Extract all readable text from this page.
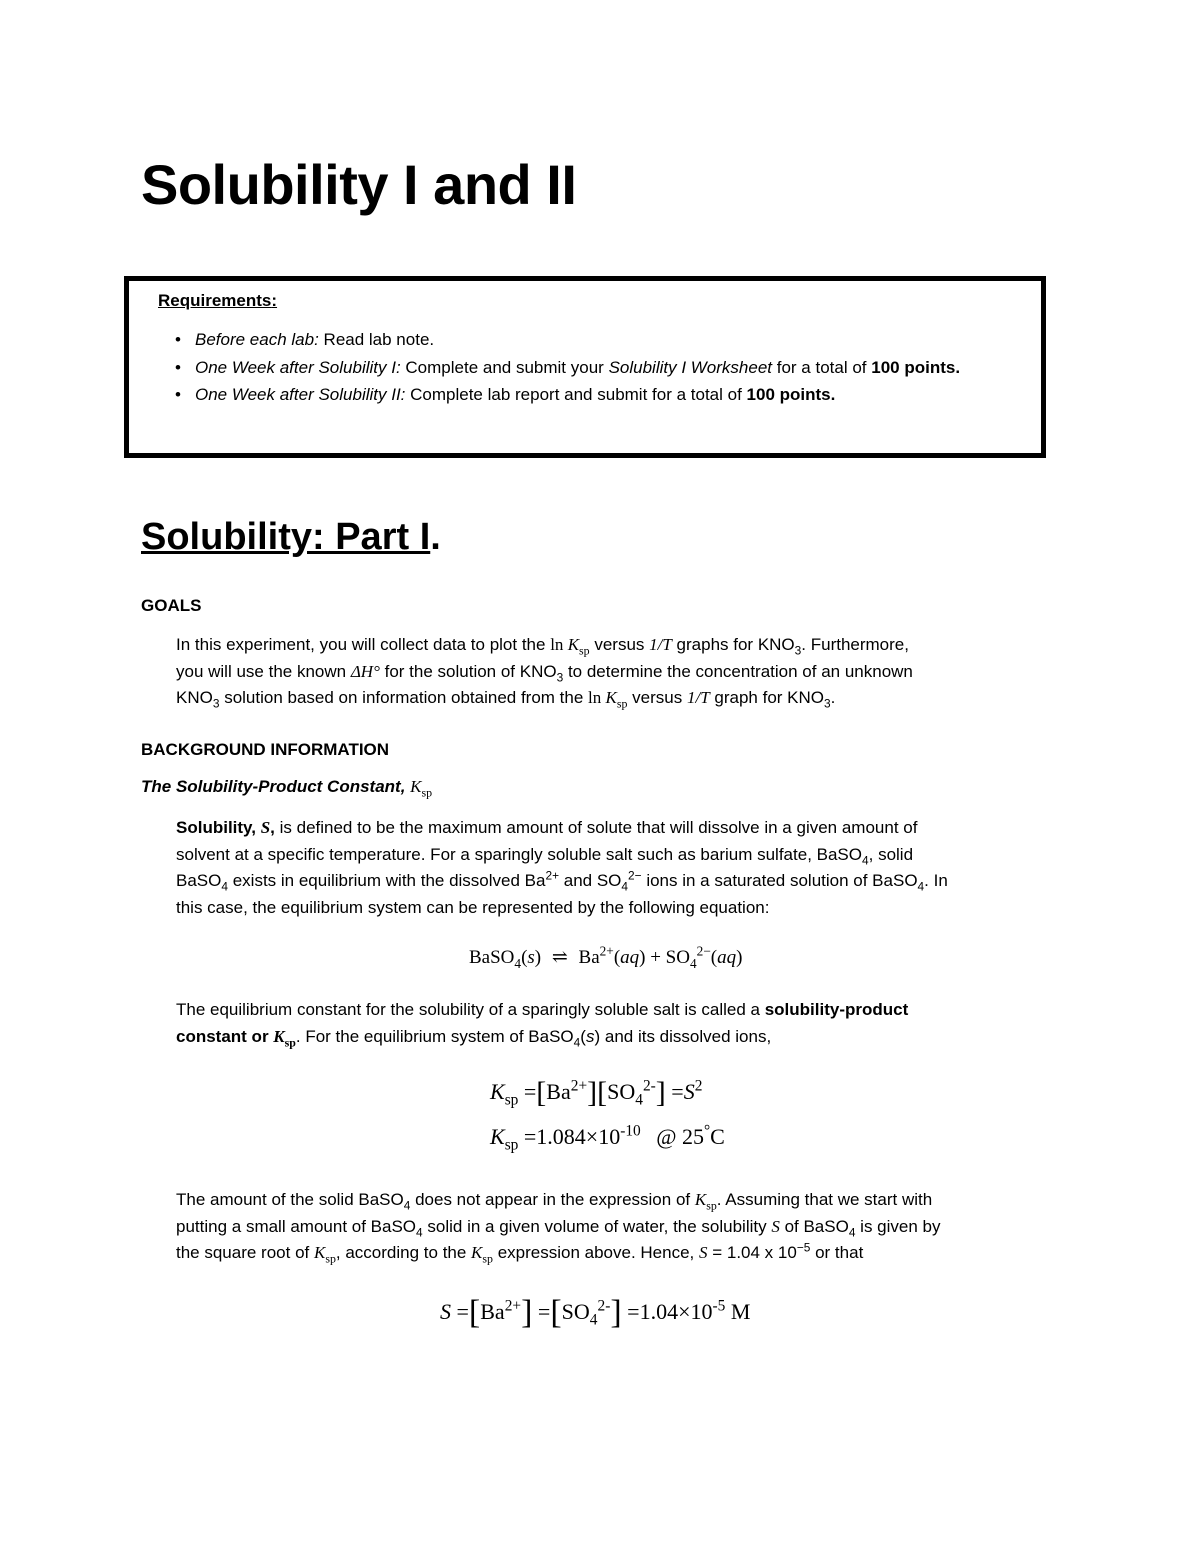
Solubility I and II
Requirements:
• Before each lab: Read lab note.
• One Week after Solubility I: Complete and submit your Solubility I Worksheet for a total of 100 points.
• One Week after Solubility II: Complete lab report and submit for a total of 100 points.
Solubility: Part I.
GOALS
In this experiment, you will collect data to plot the $\ln K_{sp}$ versus 1/T graphs for $KNO_3$. Furthermore,
you will use the known ΔH° for the solution of $KNO_3$ to determine the concentration of an unknown
$KNO_3$ solution based on information obtained from the $\ln K_{sp}$ versus 1/T graph for $KNO_3$.
BACKGROUND INFORMATION
The Solubility-Product Constant, $K_{sp}$
Solubility, S, is defined to be the maximum amount of solute that will dissolve in a given amount of
solvent at a specific temperature. For a sparingly soluble salt such as barium sulfate, BaSO$_4$, solid
BaSO$_4$ exists in equilibrium with the dissolved $Ba^{2+}$ and $SO_4^{2-}$ ions in a saturated solution of BaSO$_4$. In
this case, the equilibrium system can be represented by the following equation:
BaSO$_4$(s) ⇌ $Ba^{2+}(aq) + SO_4^{2-}(aq)$
The equilibrium constant for the solubility of a sparingly soluble salt is called a solubility-product
constant or $K_{sp}$. For the equilibrium system of BaSO$_4$(s) and its dissolved ions,
$K_{sp} =[Ba^{2+}][SO_4^{2-}] =S^2$
$K_{sp} =1.084\times 10^{-10}$ @ 25°C
The amount of the solid BaSO$_4$ does not appear in the expression of $K_{sp}$. Assuming that we start with
putting a small amount of BaSO$_4$ solid in a given volume of water, the solubility S of BaSO$_4$ is given by
the square root of $K_{sp}$, according to the $K_{sp}$ expression above. Hence, S = 1.04 x $10^{-5}$ or that
$S =[Ba^{2+}] =[SO_4^{2-}] =1.04\times 10^{-5}$ M
